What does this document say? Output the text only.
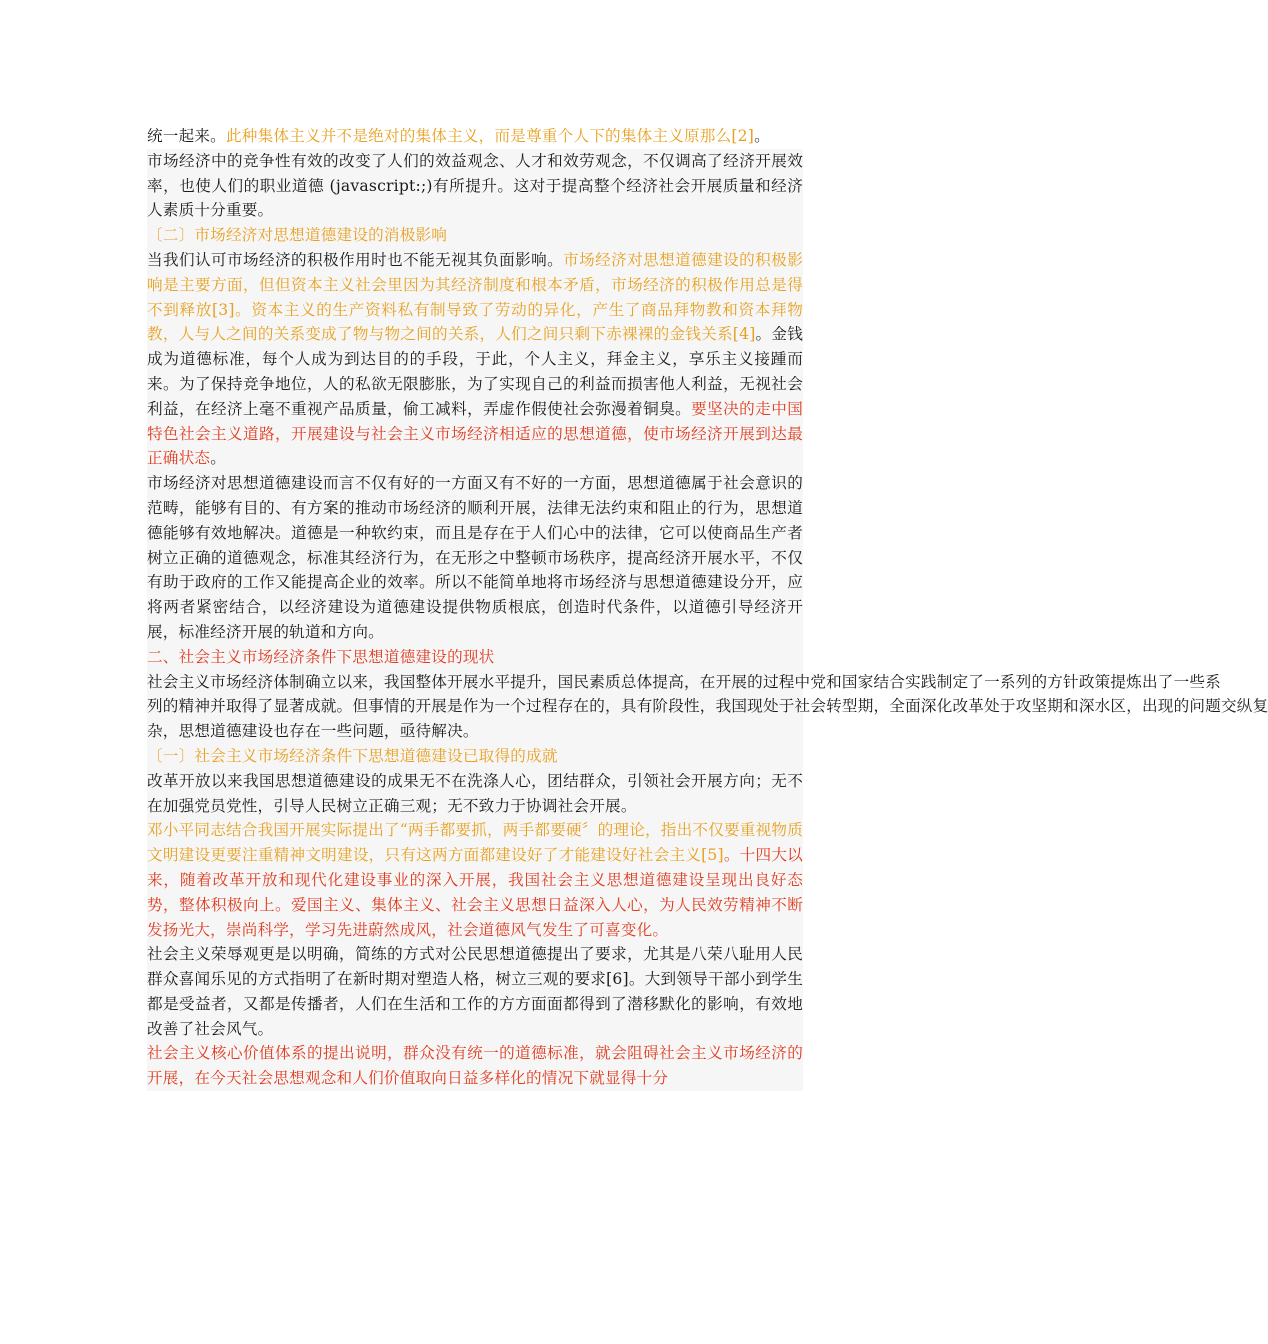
统一起来。此种集体主义并不是绝对的集体主义，而是尊重个人下的集体主义原那么[2]。

市场经济中的竞争性有效的改变了人们的效益观念、人才和效劳观念，不仅调高了经济开展效率，也使人们的职业道德 (javascript:;)有所提升。这对于提高整个经济社会开展质量和经济人素质十分重要。

〔二〕市场经济对思想道德建设的消极影响

当我们认可市场经济的积极作用时也不能无视其负面影响。市场经济对思想道德建设的积极影响是主要方面，但但资本主义社会里因为其经济制度和根本矛盾，市场经济的积极作用总是得不到释放[3]。资本主义的生产资料私有制导致了劳动的异化，产生了商品拜物教和资本拜物教，人与人之间的关系变成了物与物之间的关系，人们之间只剩下赤裸裸的金钱关系[4]。金钱成为道德标准，每个人成为到达目的的手段，于此，个人主义，拜金主义，享乐主义接踵而来。为了保持竞争地位，人的私欲无限膨胀，为了实现自己的利益而损害他人利益，无视社会利益，在经济上毫不重视产品质量，偷工减料，弄虚作假使社会弥漫着铜臭。要坚决的走中国特色社会主义道路，开展建设与社会主义市场经济相适应的思想道德，使市场经济开展到达最正确状态。

市场经济对思想道德建设而言不仅有好的一方面又有不好的一方面，思想道德属于社会意识的范畴，能够有目的、有方案的推动市场经济的顺利开展，法律无法约束和阻止的行为，思想道德能够有效地解决。道德是一种软约束，而且是存在于人们心中的法律，它可以使商品生产者树立正确的道德观念，标准其经济行为，在无形之中整顿市场秩序，提高经济开展水平，不仅有助于政府的工作又能提高企业的效率。所以不能简单地将市场经济与思想道德建设分开，应将两者紧密结合，以经济建设为道德建设提供物质根底，创造时代条件，以道德引导经济开展，标准经济开展的轨道和方向。

二、社会主义市场经济条件下思想道德建设的现状

社会主义市场经济体制确立以来，我国整体开展水平提升，国民素质总体提高，在开展的过程中党和国家结合实践制定了一系列的方针政策提炼出了一些系
列的精神并取得了显著成就。但事情的开展是作为一个过程存在的，具有阶段性，我国现处于社会转型期，全面深化改革处于攻坚期和深水区，出现的问题交纵复
杂，思想道德建设也存在一些问题，亟待解决。

〔一〕社会主义市场经济条件下思想道德建设已取得的成就

改革开放以来我国思想道德建设的成果无不在洗涤人心，团结群众，引领社会开展方向；无不在加强党员党性，引导人民树立正确三观；无不致力于协调社会开展。

邓小平同志结合我国开展实际提出了“两手都要抓，两手都要硬〞的理论，指出不仅要重视物质文明建设更要注重精神文明建设，只有这两方面都建设好了才能建设好社会主义[5]。十四大以来，随着改革开放和现代化建设事业的深入开展，我国社会主义思想道德建设呈现出良好态势，整体积极向上。爱国主义、集体主义、社会主义思想日益深入人心，为人民效劳精神不断发扬光大，崇尚科学，学习先进蔚然成风，社会道德风气发生了可喜变化。

社会主义荣辱观更是以明确，简练的方式对公民思想道德提出了要求，尤其是八荣八耻用人民群众喜闻乐见的方式指明了在新时期对塑造人格，树立三观的要求[6]。大到领导干部小到学生都是受益者，又都是传播者，人们在生活和工作的方方面面都得到了潜移默化的影响，有效地改善了社会风气。

社会主义核心价值体系的提出说明，群众没有统一的道德标准，就会阻碍社会主义市场经济的开展，在今天社会思想观念和人们价值取向日益多样化的情况下就显得十分
